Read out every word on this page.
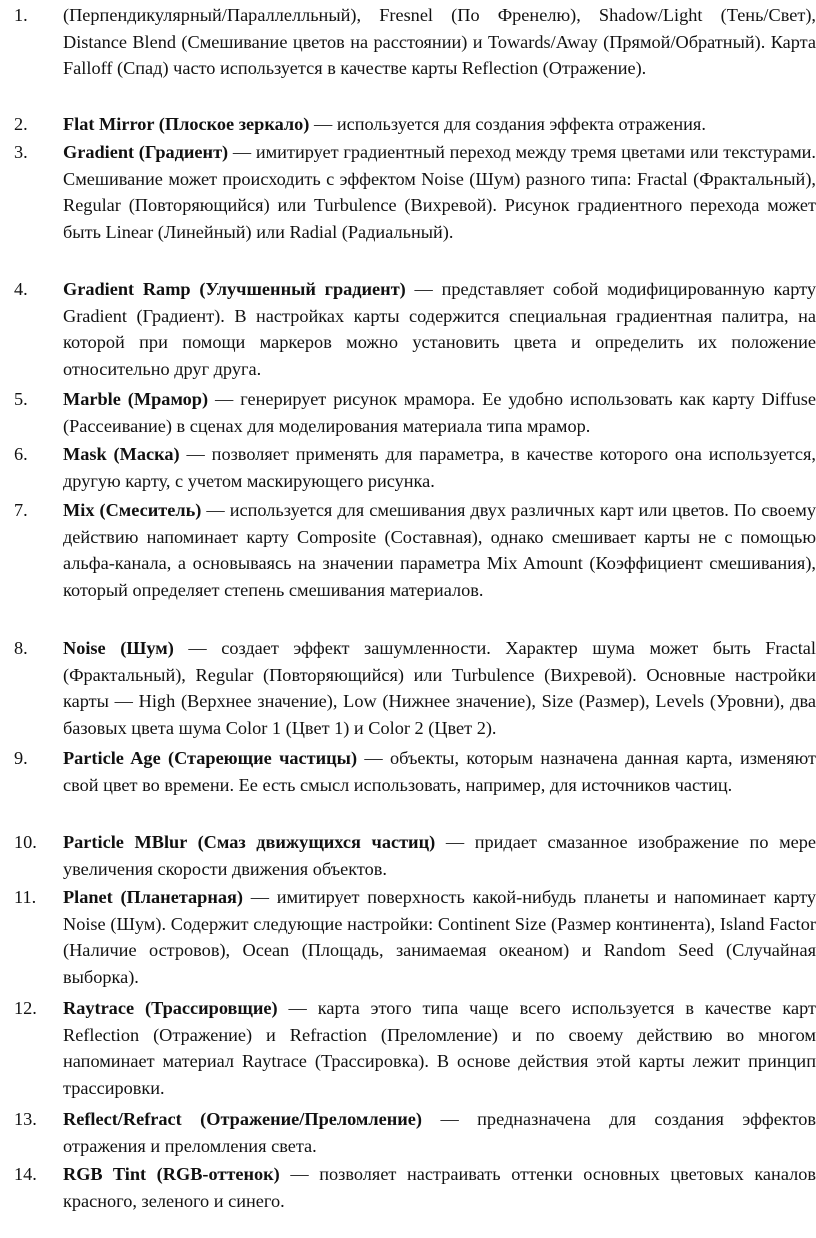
1.	(Перпендикулярный/Параллелльный), Fresnel (По Френелю), Shadow/Light (Тень/Свет), Distance Blend (Смешивание цветов на расстоянии) и Towards/Away (Прямой/Обратный). Карта Falloff (Спад) часто используется в качестве карты Reflection (Отражение).
2.	Flat Mirror (Плоское зеркало) — используется для создания эффекта отражения.
3.	Gradient (Градиент) — имитирует градиентный переход между тремя цветами или текстурами. Смешивание может происходить с эффектом Noise (Шум) разного типа: Fractal (Фрактальный), Regular (Повторяющийся) или Turbulence (Вихревой). Рисунок градиентного перехода может быть Linear (Линейный) или Radial (Радиальный).
4.	Gradient Ramp (Улучшенный градиент) — представляет собой модифицированную карту Gradient (Градиент). В настройках карты содержится специальная градиентная палитра, на которой при помощи маркеров можно установить цвета и определить их положение относительно друг друга.
5.	Marble (Мрамор) — генерирует рисунок мрамора. Ее удобно использовать как карту Diffuse (Рассеивание) в сценах для моделирования материала типа мрамор.
6.	Mask (Маска) — позволяет применять для параметра, в качестве которого она используется, другую карту, с учетом маскирующего рисунка.
7.	Mix (Смеситель) — используется для смешивания двух различных карт или цветов. По своему действию напоминает карту Composite (Составная), однако смешивает карты не с помощью альфа-канала, а основываясь на значении параметра Mix Amount (Коэффициент смешивания), который определяет степень смешивания материалов.
8.	Noise (Шум) — создает эффект зашумленности. Характер шума может быть Fractal (Фрактальный), Regular (Повторяющийся) или Turbulence (Вихревой). Основные настройки карты — High (Верхнее значение), Low (Нижнее значение), Size (Размер), Levels (Уровни), два базовых цвета шума Color 1 (Цвет 1) и Color 2 (Цвет 2).
9.	Particle Age (Стареющие частицы) — объекты, которым назначена данная карта, изменяют свой цвет во времени. Ее есть смысл использовать, например, для источников частиц.
10.	Particle MBlur (Смаз движущихся частиц) — придает смазанное изображение по мере увеличения скорости движения объектов.
11.	Planet (Планетарная) — имитирует поверхность какой-нибудь планеты и напоминает карту Noise (Шум). Содержит следующие настройки: Continent Size (Размер континента), Island Factor (Наличие островов), Ocean (Площадь, занимаемая океаном) и Random Seed (Случайная выборка).
12.	Raytrace (Трассировщие) — карта этого типа чаще всего используется в качестве карт Reflection (Отражение) и Refraction (Преломление) и по своему действию во многом напоминает материал Raytrace (Трассировка). В основе действия этой карты лежит принцип трассировки.
13.	Reflect/Refract (Отражение/Преломление) — предназначена для создания эффектов отражения и преломления света.
14.	RGB Tint (RGB-оттенок) — позволяет настраивать оттенки основных цветовых каналов красного, зеленого и синего.
